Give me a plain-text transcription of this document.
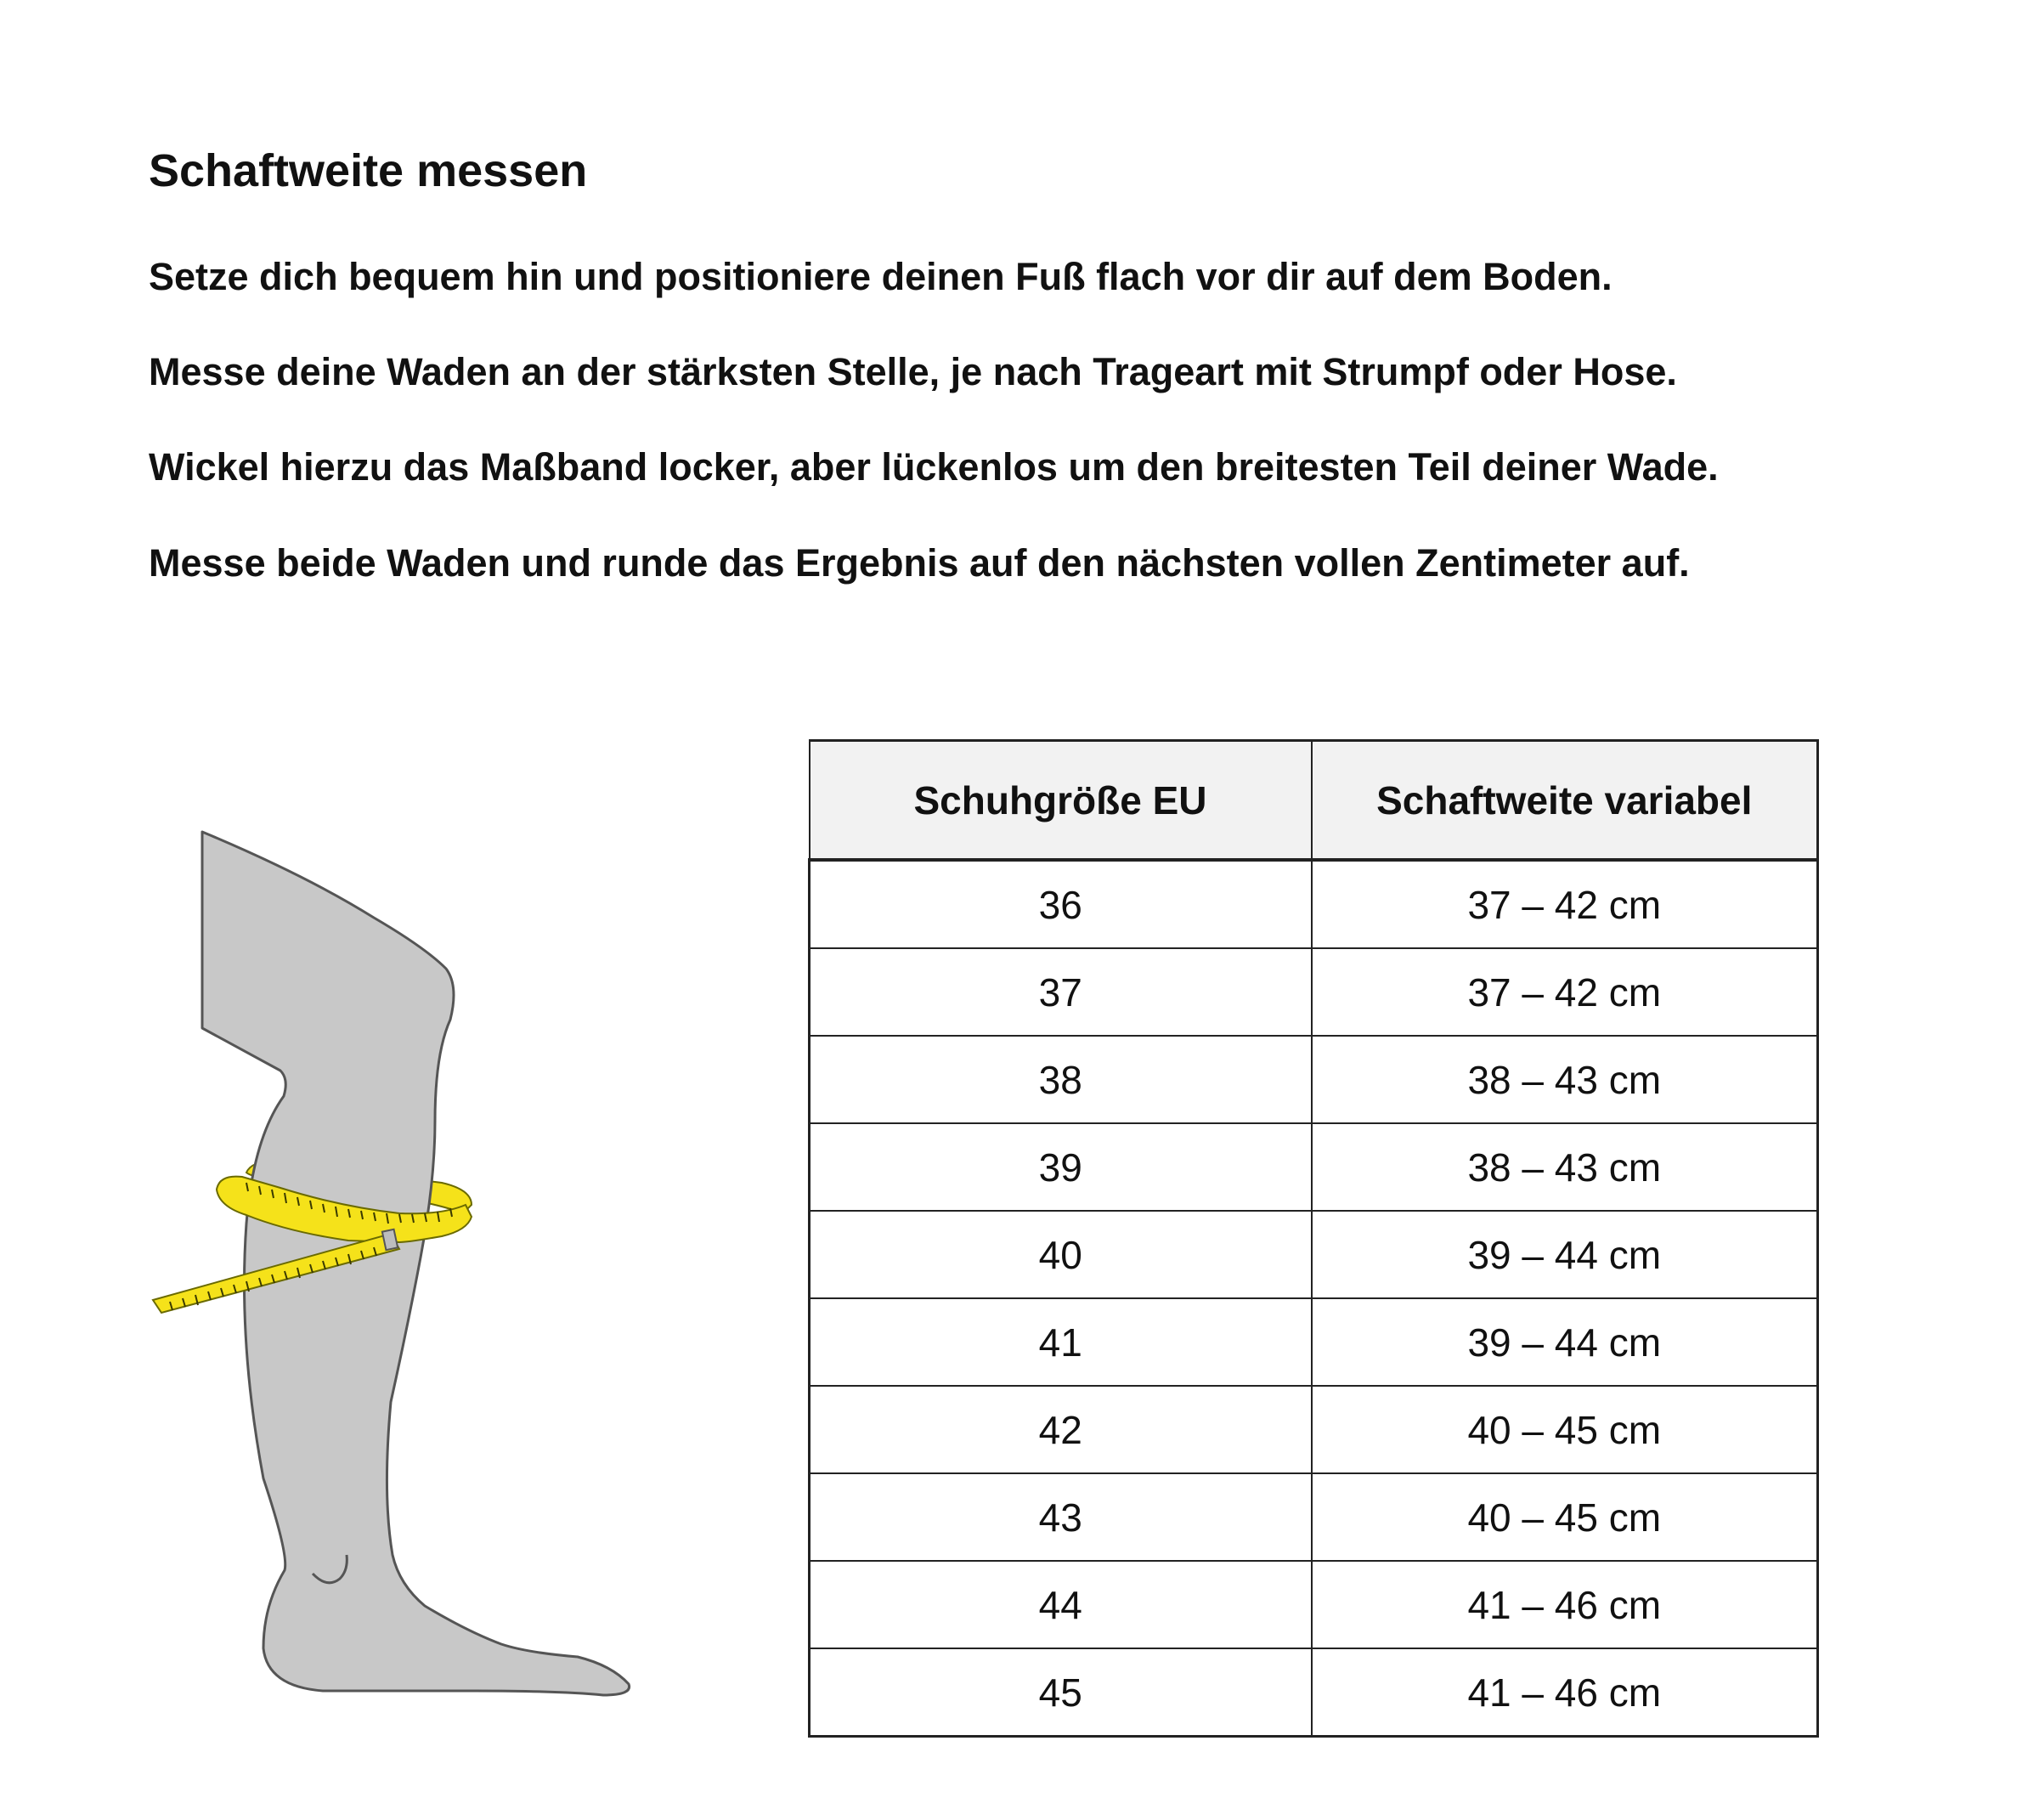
Schaftweite messen
Setze dich bequem hin und positioniere deinen Fuß flach vor dir auf dem Boden.
Messe deine Waden an der stärksten Stelle, je nach Trageart mit Strumpf oder Hose.
Wickel hierzu das Maßband locker, aber lückenlos um den breitesten Teil deiner Wade.
Messe beide Waden und runde das Ergebnis auf den nächsten vollen Zentimeter auf.
Schuhgröße EU	Schaftweite variabel
36	37 – 42 cm
37	37 – 42 cm
38	38 – 43 cm
39	38 – 43 cm
40	39 – 44 cm
41	39 – 44 cm
42	40 – 45 cm
43	40 – 45 cm
44	41 – 46 cm
45	41 – 46 cm
